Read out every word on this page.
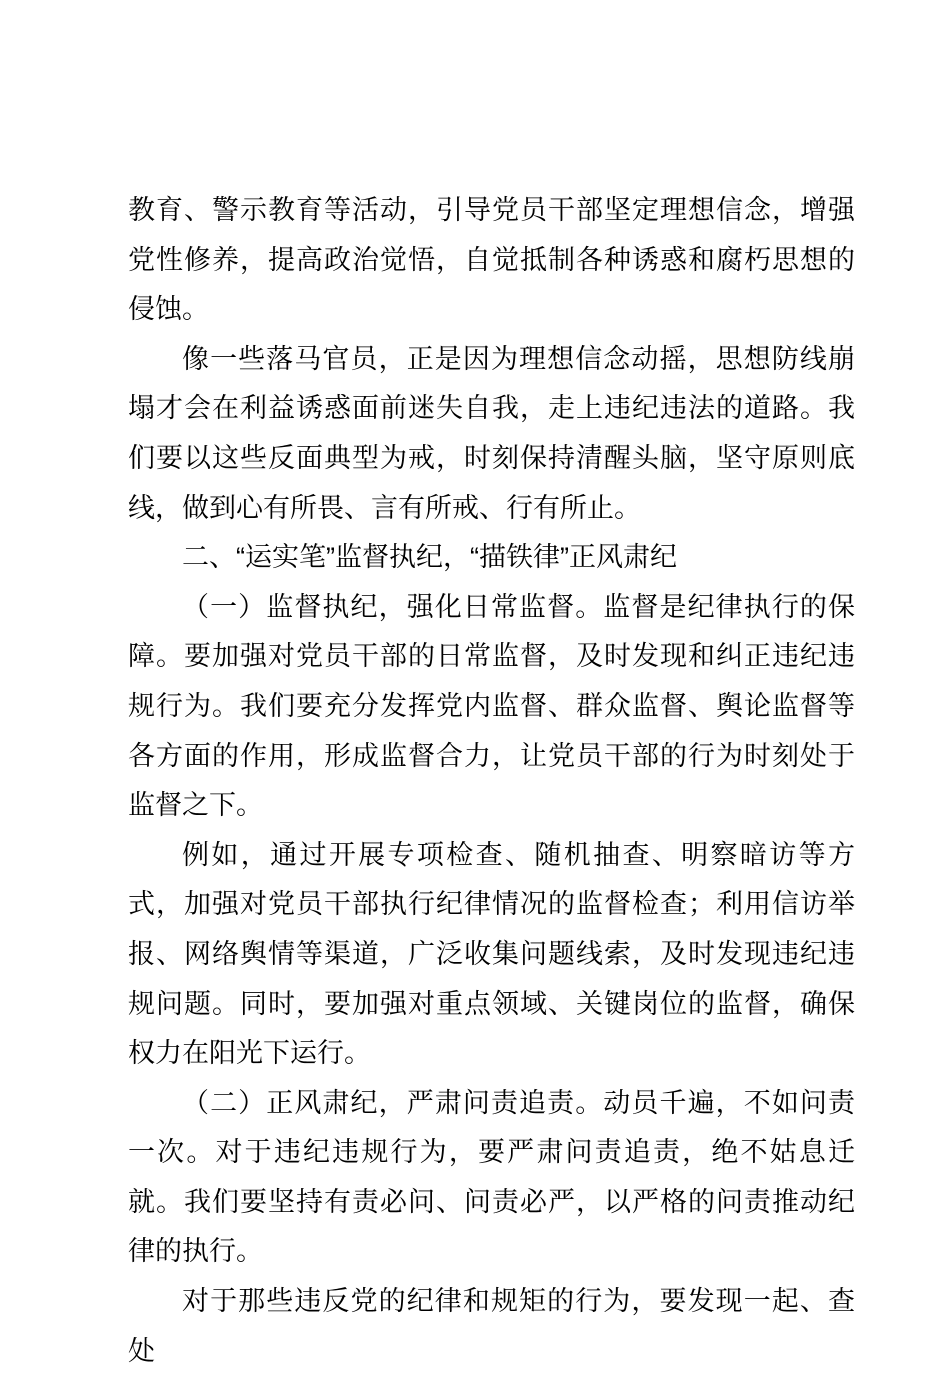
教育、警示教育等活动，引导党员干部坚定理想信念，增强党性修养，提高政治觉悟，自觉抵制各种诱惑和腐朽思想的侵蚀。

像一些落马官员，正是因为理想信念动摇，思想防线崩塌才会在利益诱惑面前迷失自我，走上违纪违法的道路。我们要以这些反面典型为戒，时刻保持清醒头脑，坚守原则底线，做到心有所畏、言有所戒、行有所止。

二、“运实笔”监督执纪，“描铁律”正风肃纪

（一）监督执纪，强化日常监督。监督是纪律执行的保障。要加强对党员干部的日常监督，及时发现和纠正违纪违规行为。我们要充分发挥党内监督、群众监督、舆论监督等各方面的作用，形成监督合力，让党员干部的行为时刻处于监督之下。

例如，通过开展专项检查、随机抽查、明察暗访等方式，加强对党员干部执行纪律情况的监督检查；利用信访举报、网络舆情等渠道，广泛收集问题线索，及时发现违纪违规问题。同时，要加强对重点领域、关键岗位的监督，确保权力在阳光下运行。

（二）正风肃纪，严肃问责追责。动员千遍，不如问责一次。对于违纪违规行为，要严肃问责追责，绝不姑息迁就。我们要坚持有责必问、问责必严，以严格的问责推动纪律的执行。

对于那些违反党的纪律和规矩的行为，要发现一起、查处
